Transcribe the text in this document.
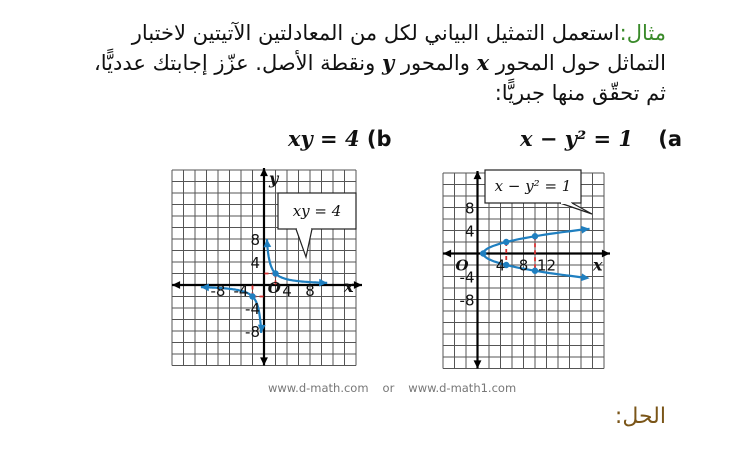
مثال:استعمل التمثيل البياني لكل من المعادلتين الآتيتين لاختبار
التماثل حول المحور x والمحور y ونقطة الأصل. عزّز إجابتك عدديًّا،
ثم تحقّق منها جبريًّا:
xy = 4 (b	x − y² = 1 (a
-8 -4 4 8
8
4
-4
-8
O	x
y
xy = 4
4 8 12
8
4
-4
-8
O	x
x − y² = 1
www.d-math.com or www.d-math1.com
الحل:
